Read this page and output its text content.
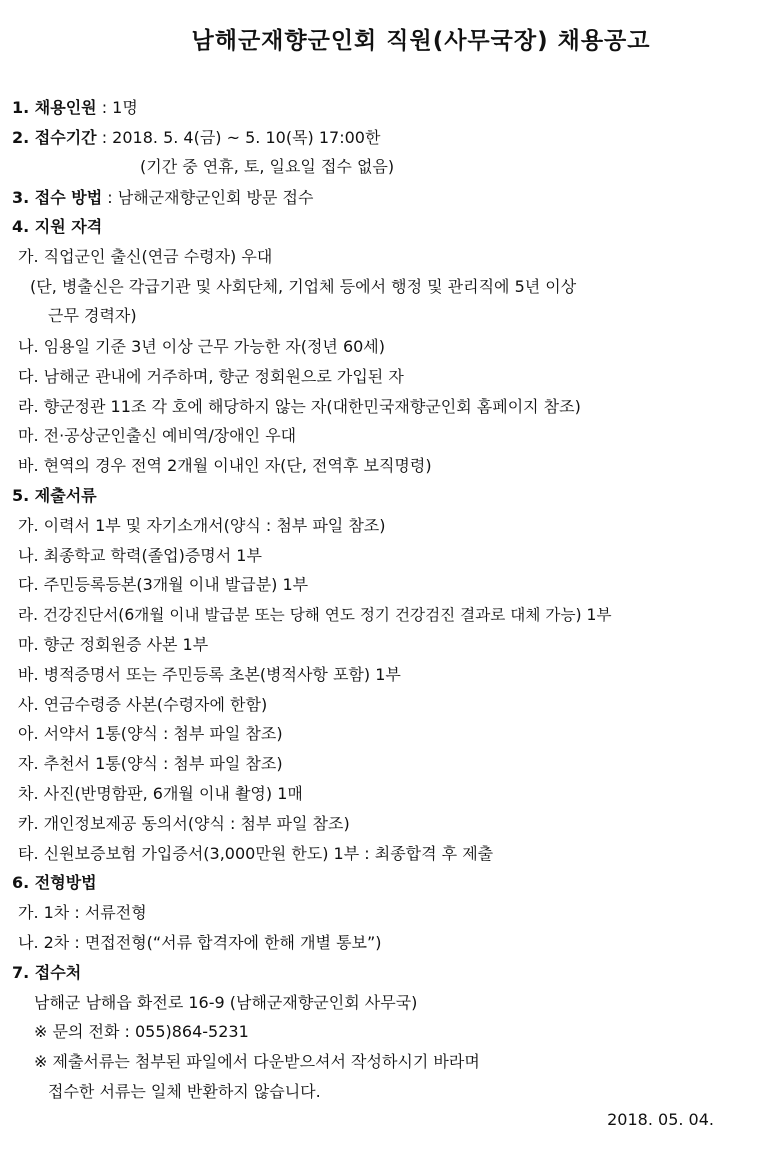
남해군재향군인회 직원(사무국장) 채용공고
1. 채용인원 : 1명
2. 접수기간 : 2018. 5. 4(금) ~ 5. 10(목) 17:00한
(기간 중 연휴, 토, 일요일 접수 없음)
3. 접수 방법 : 남해군재향군인회 방문 접수
4. 지원 자격
가. 직업군인 출신(연금 수령자) 우대
(단, 병출신은 각급기관 및 사회단체, 기업체 등에서 행정 및 관리직에 5년 이상
근무 경력자)
나. 임용일 기준 3년 이상 근무 가능한 자(정년 60세)
다. 남해군 관내에 거주하며, 향군 정회원으로 가입된 자
라. 향군정관 11조 각 호에 해당하지 않는 자(대한민국재향군인회 홈페이지 참조)
마. 전·공상군인출신 예비역/장애인 우대
바. 현역의 경우 전역 2개월 이내인 자(단, 전역후 보직명령)
5. 제출서류
가. 이력서 1부 및 자기소개서(양식 : 첨부 파일 참조)
나. 최종학교 학력(졸업)증명서 1부
다. 주민등록등본(3개월 이내 발급분) 1부
라. 건강진단서(6개월 이내 발급분 또는 당해 연도 정기 건강검진 결과로 대체 가능) 1부
마. 향군 정회원증 사본 1부
바. 병적증명서 또는 주민등록 초본(병적사항 포함) 1부
사. 연금수령증 사본(수령자에 한함)
아. 서약서 1통(양식 : 첨부 파일 참조)
자. 추천서 1통(양식 : 첨부 파일 참조)
차. 사진(반명함판, 6개월 이내 촬영) 1매
카. 개인정보제공 동의서(양식 : 첨부 파일 참조)
타. 신원보증보험 가입증서(3,000만원 한도) 1부 : 최종합격 후 제출
6. 전형방법
가. 1차 : 서류전형
나. 2차 : 면접전형(“서류 합격자에 한해 개별 통보”)
7. 접수처
남해군 남해읍 화전로 16-9 (남해군재향군인회 사무국)
※ 문의 전화 : 055)864-5231
※ 제출서류는 첨부된 파일에서 다운받으셔서 작성하시기 바라며
접수한 서류는 일체 반환하지 않습니다.
2018. 05. 04.
